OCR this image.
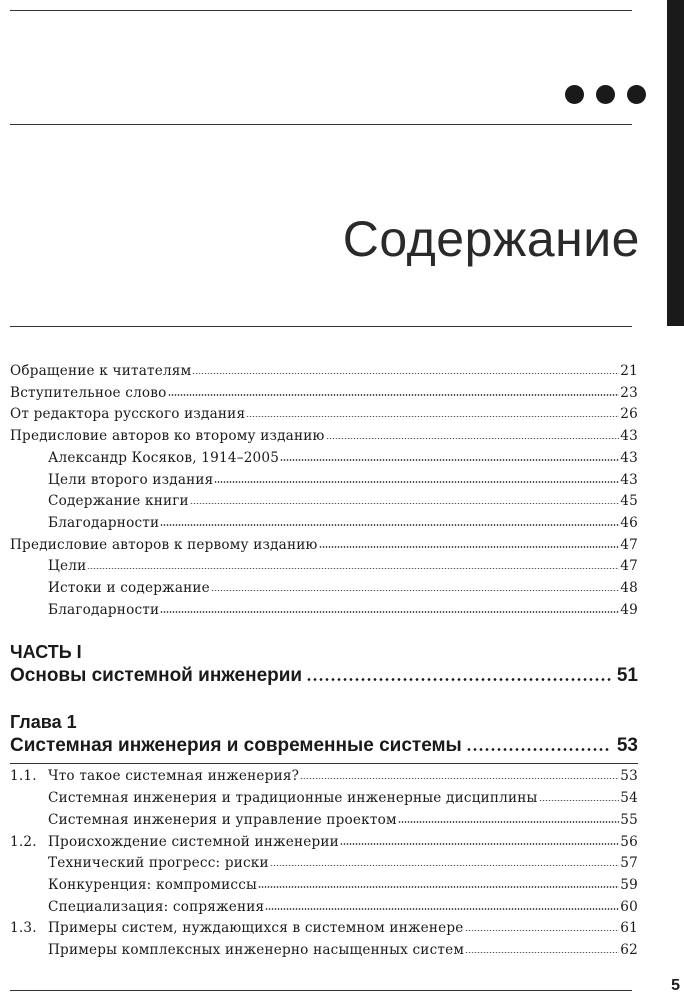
Содержание
Обращение к читателям	21
Вступительное слово	23
От редактора русского издания	26
Предисловие авторов ко второму изданию	43
Александр Косяков, 1914–2005	43
Цели второго издания	43
Содержание книги	45
Благодарности	46
Предисловие авторов к первому изданию	47
Цели	47
Истоки и содержание	48
Благодарности	49
ЧАСТЬ I
Основы системной инженерии	51
Глава 1
Системная инженерия и современные системы	53
1.1. Что такое системная инженерия?	53
Системная инженерия и традиционные инженерные дисциплины	54
Системная инженерия и управление проектом	55
1.2. Происхождение системной инженерии	56
Технический прогресс: риски	57
Конкуренция: компромиссы	59
Специализация: сопряжения	60
1.3. Примеры систем, нуждающихся в системном инженере	61
Примеры комплексных инженерно насыщенных систем	62
5
